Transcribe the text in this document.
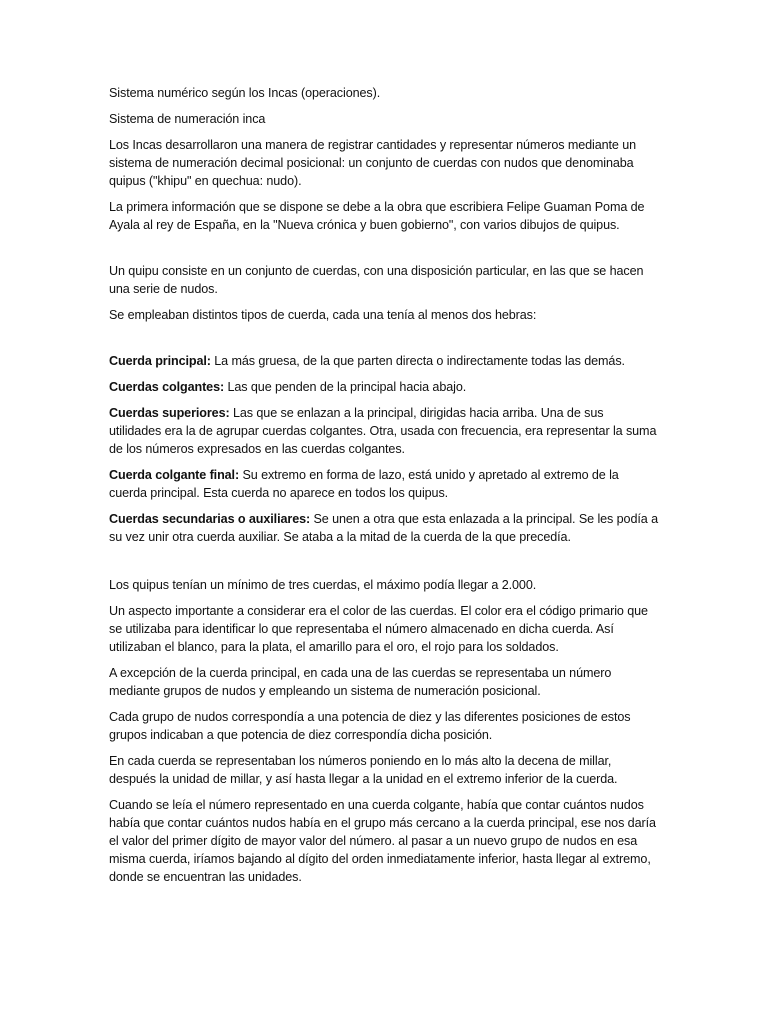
Sistema numérico según los Incas (operaciones).

Sistema de numeración inca

Los Incas desarrollaron una manera de registrar cantidades y representar números mediante un sistema de numeración decimal posicional: un conjunto de cuerdas con nudos que denominaba quipus ("khipu" en quechua: nudo).

La primera información que se dispone se debe a la obra que escribiera Felipe Guaman Poma de Ayala al rey de España, en la "Nueva crónica y buen gobierno", con varios dibujos de quipus.

Un quipu consiste en un conjunto de cuerdas, con una disposición particular, en las que se hacen una serie de nudos.

Se empleaban distintos tipos de cuerda, cada una tenía al menos dos hebras:

Cuerda principal: La más gruesa, de la que parten directa o indirectamente todas las demás.

Cuerdas colgantes: Las que penden de la principal hacia abajo.

Cuerdas superiores: Las que se enlazan a la principal, dirigidas hacia arriba. Una de sus utilidades era la de agrupar cuerdas colgantes. Otra, usada con frecuencia, era representar la suma de los números expresados en las cuerdas colgantes.

Cuerda colgante final: Su extremo en forma de lazo, está unido y apretado al extremo de la cuerda principal. Esta cuerda no aparece en todos los quipus.

Cuerdas secundarias o auxiliares: Se unen a otra que esta enlazada a la principal. Se les podía a su vez unir otra cuerda auxiliar. Se ataba a la mitad de la cuerda de la que precedía.

Los quipus tenían un mínimo de tres cuerdas, el máximo podía llegar a 2.000.

Un aspecto importante a considerar era el color de las cuerdas. El color era el código primario que se utilizaba para identificar lo que representaba el número almacenado en dicha cuerda. Así utilizaban el blanco, para la plata, el amarillo para el oro, el rojo para los soldados.

A excepción de la cuerda principal, en cada una de las cuerdas se representaba un número mediante grupos de nudos y empleando un sistema de numeración posicional.

Cada grupo de nudos correspondía a una potencia de diez y las diferentes posiciones de estos grupos indicaban a que potencia de diez correspondía dicha posición.

En cada cuerda se representaban los números poniendo en lo más alto la decena de millar, después la unidad de millar, y así hasta llegar a la unidad en el extremo inferior de la cuerda.

Cuando se leía el número representado en una cuerda colgante, había que contar cuántos nudos había que contar cuántos nudos había en el grupo más cercano a la cuerda principal, ese nos daría el valor del primer dígito de mayor valor del número. al pasar a un nuevo grupo de nudos en esa misma cuerda, iríamos bajando al dígito del orden inmediatamente inferior, hasta llegar al extremo, donde se encuentran las unidades.
